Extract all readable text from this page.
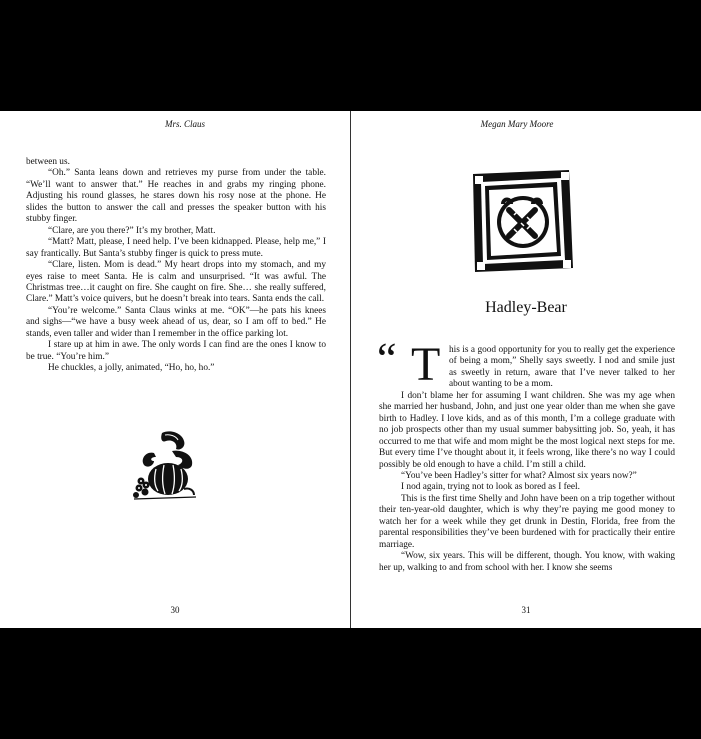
Mrs. Claus

between us.

“Oh.” Santa leans down and retrieves my purse from under the table. “We’ll want to answer that.” He reaches in and grabs my ringing phone. Adjusting his round glasses, he stares down his rosy nose at the phone. He slides the button to answer the call and presses the speaker button with his stubby finger.

“Clare, are you there?” It’s my brother, Matt.

“Matt? Matt, please, I need help. I’ve been kidnapped. Please, help me,” I say frantically. But Santa’s stubby finger is quick to press mute.

“Clare, listen. Mom is dead.” My heart drops into my stomach, and my eyes raise to meet Santa. He is calm and unsurprised. “It was awful. The Christmas tree…it caught on fire. She caught on fire. She… she really suffered, Clare.” Matt’s voice quivers, but he doesn’t break into tears. Santa ends the call.

“You’re welcome.” Santa Claus winks at me. “OK”—he pats his knees and sighs—“we have a busy week ahead of us, dear, so I am off to bed.” He stands, even taller and wider than I remember in the office parking lot.

I stare up at him in awe. The only words I can find are the ones I know to be true. “You’re him.”

He chuckles, a jolly, animated, “Ho, ho, ho.”

30
Megan Mary Moore
Hadley-Bear
“ T his is a good opportunity for you to really get the experience of being a mom,” Shelly says sweetly. I nod and smile just as sweetly in return, aware that I’ve never talked to her about wanting to be a mom.

I don’t blame her for assuming I want children. She was my age when she married her husband, John, and just one year older than me when she gave birth to Hadley. I love kids, and as of this month, I’m a college graduate with no job prospects other than my usual summer babysitting job. So, yeah, it has occurred to me that wife and mom might be the most logical next steps for me. But every time I’ve thought about it, it feels wrong, like there’s no way I could possibly be old enough to have a child. I’m still a child.

“You’ve been Hadley’s sitter for what? Almost six years now?”

I nod again, trying not to look as bored as I feel.

This is the first time Shelly and John have been on a trip together without their ten-year-old daughter, which is why they’re paying me good money to watch her for a week while they get drunk in Destin, Florida, free from the parental responsibilities they’ve been burdened with for practically their entire marriage.

“Wow, six years. This will be different, though. You know, with waking her up, walking to and from school with her. I know she seems

31
